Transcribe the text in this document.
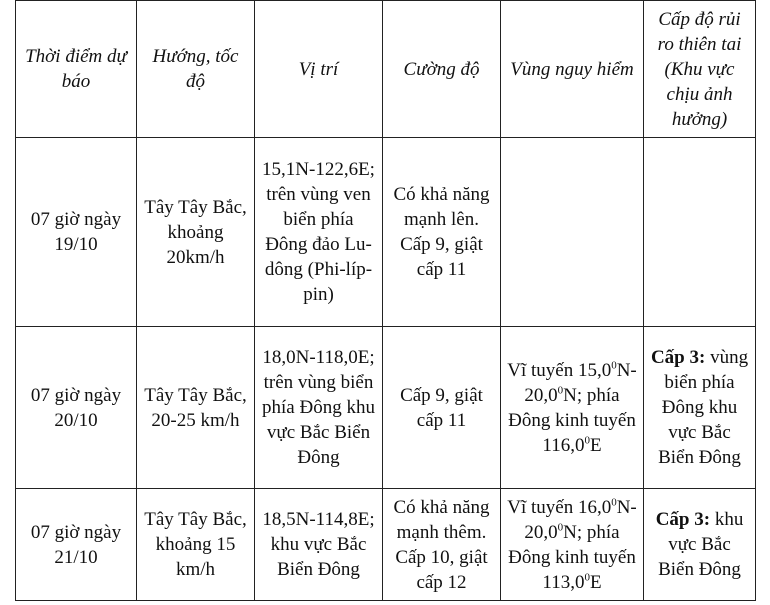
Thời điểm dự báo	Hướng, tốc độ	Vị trí	Cường độ	Vùng nguy hiểm	Cấp độ rủi ro thiên tai (Khu vực chịu ảnh hưởng)
07 giờ ngày 19/10	Tây Tây Bắc, khoảng 20km/h	15,1N-122,6E; trên vùng ven biển phía Đông đảo Lu-dông (Phi-líp-pin)	Có khả năng mạnh lên. Cấp 9, giật cấp 11		
07 giờ ngày 20/10	Tây Tây Bắc, 20-25 km/h	18,0N-118,0E; trên vùng biển phía Đông khu vực Bắc Biển Đông	Cấp 9, giật cấp 11	Vĩ tuyến 15,0$^0$N-20,0$^0$N; phía Đông kinh tuyến 116,0$^0$E	Cấp 3: vùng biển phía Đông khu vực Bắc Biển Đông
07 giờ ngày 21/10	Tây Tây Bắc, khoảng 15 km/h	18,5N-114,8E; khu vực Bắc Biển Đông	Có khả năng mạnh thêm. Cấp 10, giật cấp 12	Vĩ tuyến 16,0$^0$N-20,0$^0$N; phía Đông kinh tuyến 113,0$^0$E	Cấp 3: khu vực Bắc Biển Đông
